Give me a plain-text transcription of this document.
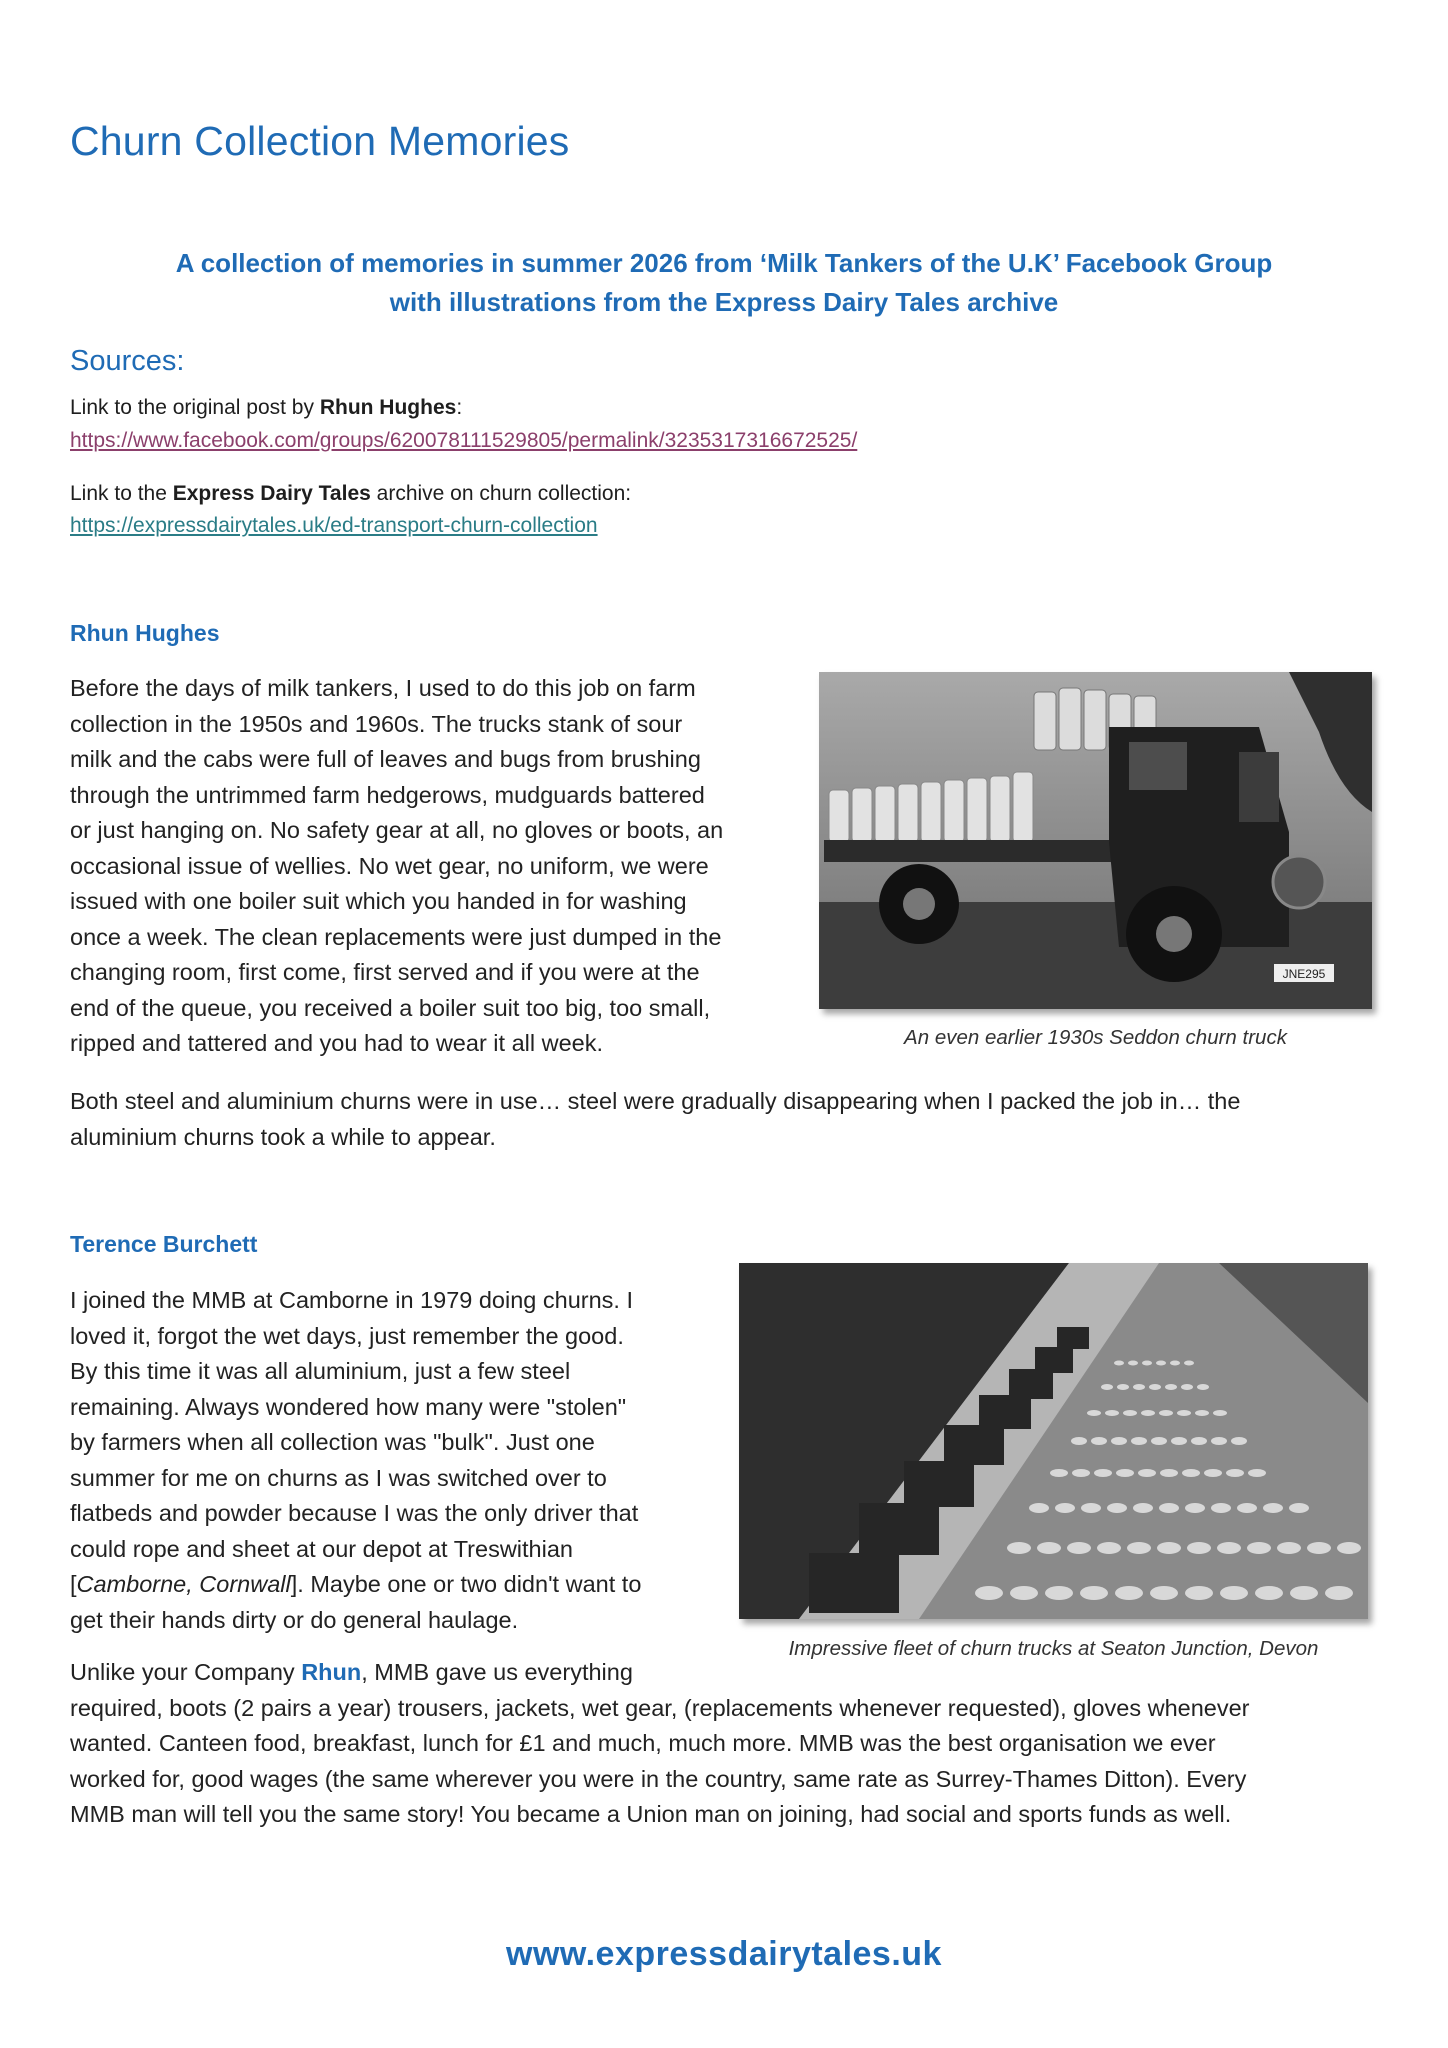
Churn Collection Memories
A collection of memories in summer 2026 from ‘Milk Tankers of the U.K’ Facebook Group
with illustrations from the Express Dairy Tales archive
Sources:
Link to the original post by Rhun Hughes:
https://www.facebook.com/groups/620078111529805/permalink/3235317316672525/
Link to the Express Dairy Tales archive on churn collection:
https://expressdairytales.uk/ed-transport-churn-collection
Rhun Hughes
Before the days of milk tankers, I used to do this job on farm
collection in the 1950s and 1960s. The trucks stank of sour
milk and the cabs were full of leaves and bugs from brushing
through the untrimmed farm hedgerows, mudguards battered
or just hanging on. No safety gear at all, no gloves or boots, an
occasional issue of wellies. No wet gear, no uniform, we were
issued with one boiler suit which you handed in for washing
once a week. The clean replacements were just dumped in the
changing room, first come, first served and if you were at the
end of the queue, you received a boiler suit too big, too small,
ripped and tattered and you had to wear it all week.
JNE295
An even earlier 1930s Seddon churn truck
Both steel and aluminium churns were in use… steel were gradually disappearing when I packed the job in… the
aluminium churns took a while to appear.
Terence Burchett
I joined the MMB at Camborne in 1979 doing churns. I
loved it, forgot the wet days, just remember the good.
By this time it was all aluminium, just a few steel
remaining. Always wondered how many were "stolen"
by farmers when all collection was "bulk". Just one
summer for me on churns as I was switched over to
flatbeds and powder because I was the only driver that
could rope and sheet at our depot at Treswithian
[Camborne, Cornwall]. Maybe one or two didn't want to
get their hands dirty or do general haulage.
Impressive fleet of churn trucks at Seaton Junction, Devon
Unlike your Company Rhun, MMB gave us everything
required, boots (2 pairs a year) trousers, jackets, wet gear, (replacements whenever requested), gloves whenever
wanted. Canteen food, breakfast, lunch for £1 and much, much more. MMB was the best organisation we ever
worked for, good wages (the same wherever you were in the country, same rate as Surrey-Thames Ditton). Every
MMB man will tell you the same story! You became a Union man on joining, had social and sports funds as well.
www.expressdairytales.uk
